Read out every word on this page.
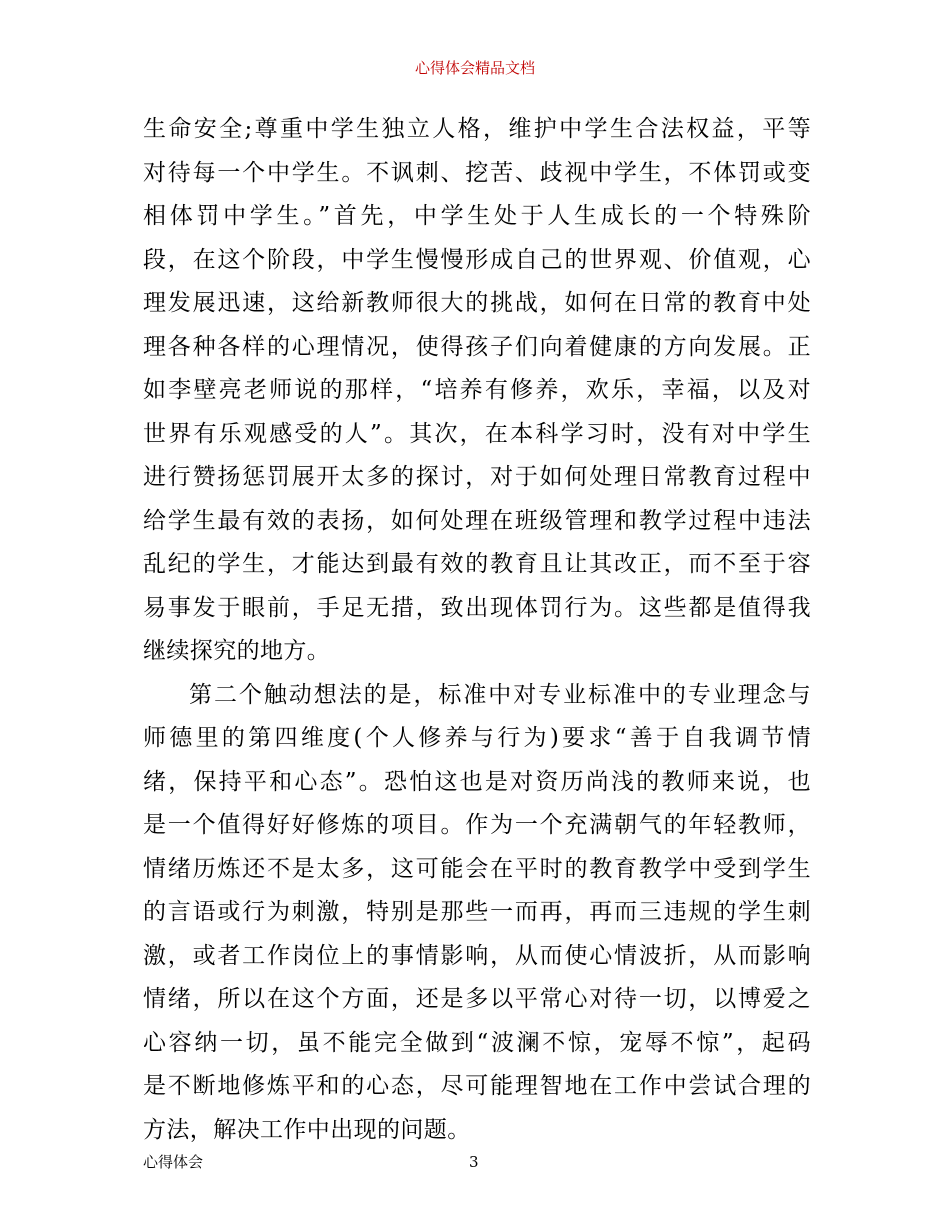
心得体会精品文档
生命安全;尊重中学生独立人格，维护中学生合法权益，平等
对待每一个中学生。不讽刺、挖苦、歧视中学生，不体罚或变
相体罚中学生。”首先，中学生处于人生成长的一个特殊阶
段，在这个阶段，中学生慢慢形成自己的世界观、价值观，心
理发展迅速，这给新教师很大的挑战，如何在日常的教育中处
理各种各样的心理情况，使得孩子们向着健康的方向发展。正
如李壁亮老师说的那样，“培养有修养，欢乐，幸福，以及对
世界有乐观感受的人”。其次，在本科学习时，没有对中学生
进行赞扬惩罚展开太多的探讨，对于如何处理日常教育过程中
给学生最有效的表扬，如何处理在班级管理和教学过程中违法
乱纪的学生，才能达到最有效的教育且让其改正，而不至于容
易事发于眼前，手足无措，致出现体罚行为。这些都是值得我
继续探究的地方。
第二个触动想法的是，标准中对专业标准中的专业理念与
师德里的第四维度(个人修养与行为)要求“善于自我调节情
绪，保持平和心态”。恐怕这也是对资历尚浅的教师来说，也
是一个值得好好修炼的项目。作为一个充满朝气的年轻教师，
情绪历炼还不是太多，这可能会在平时的教育教学中受到学生
的言语或行为刺激，特别是那些一而再，再而三违规的学生刺
激，或者工作岗位上的事情影响，从而使心情波折，从而影响
情绪，所以在这个方面，还是多以平常心对待一切，以博爱之
心容纳一切，虽不能完全做到“波澜不惊，宠辱不惊”，起码
是不断地修炼平和的心态，尽可能理智地在工作中尝试合理的
方法，解决工作中出现的问题。
心得体会	3
